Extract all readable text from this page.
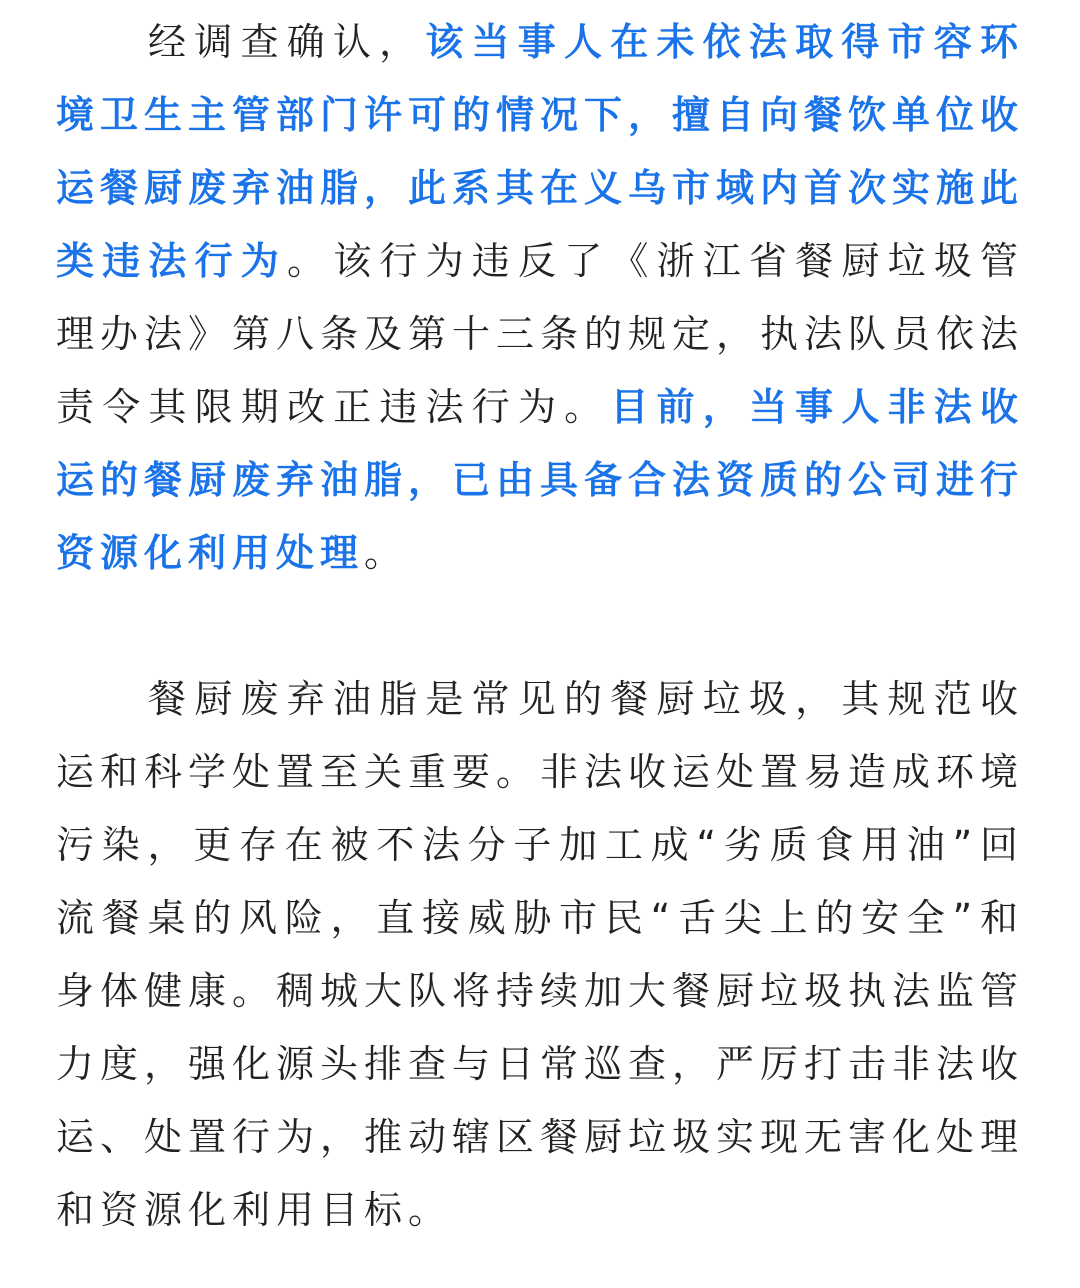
经调查确认，该当事人在未依法取得市容环境卫生主管部门许可的情况下，擅自向餐饮单位收运餐厨废弃油脂，此系其在义乌市域内首次实施此类违法行为。该行为违反了《浙江省餐厨垃圾管理办法》第八条及第十三条的规定，执法队员依法责令其限期改正违法行为。目前，当事人非法收运的餐厨废弃油脂，已由具备合法资质的公司进行资源化利用处理。

餐厨废弃油脂是常见的餐厨垃圾，其规范收运和科学处置至关重要。非法收运处置易造成环境污染，更存在被不法分子加工成“劣质食用油”回流餐桌的风险，直接威胁市民“舌尖上的安全”和身体健康。稠城大队将持续加大餐厨垃圾执法监管力度，强化源头排查与日常巡查，严厉打击非法收运、处置行为，推动辖区餐厨垃圾实现无害化处理和资源化利用目标。
